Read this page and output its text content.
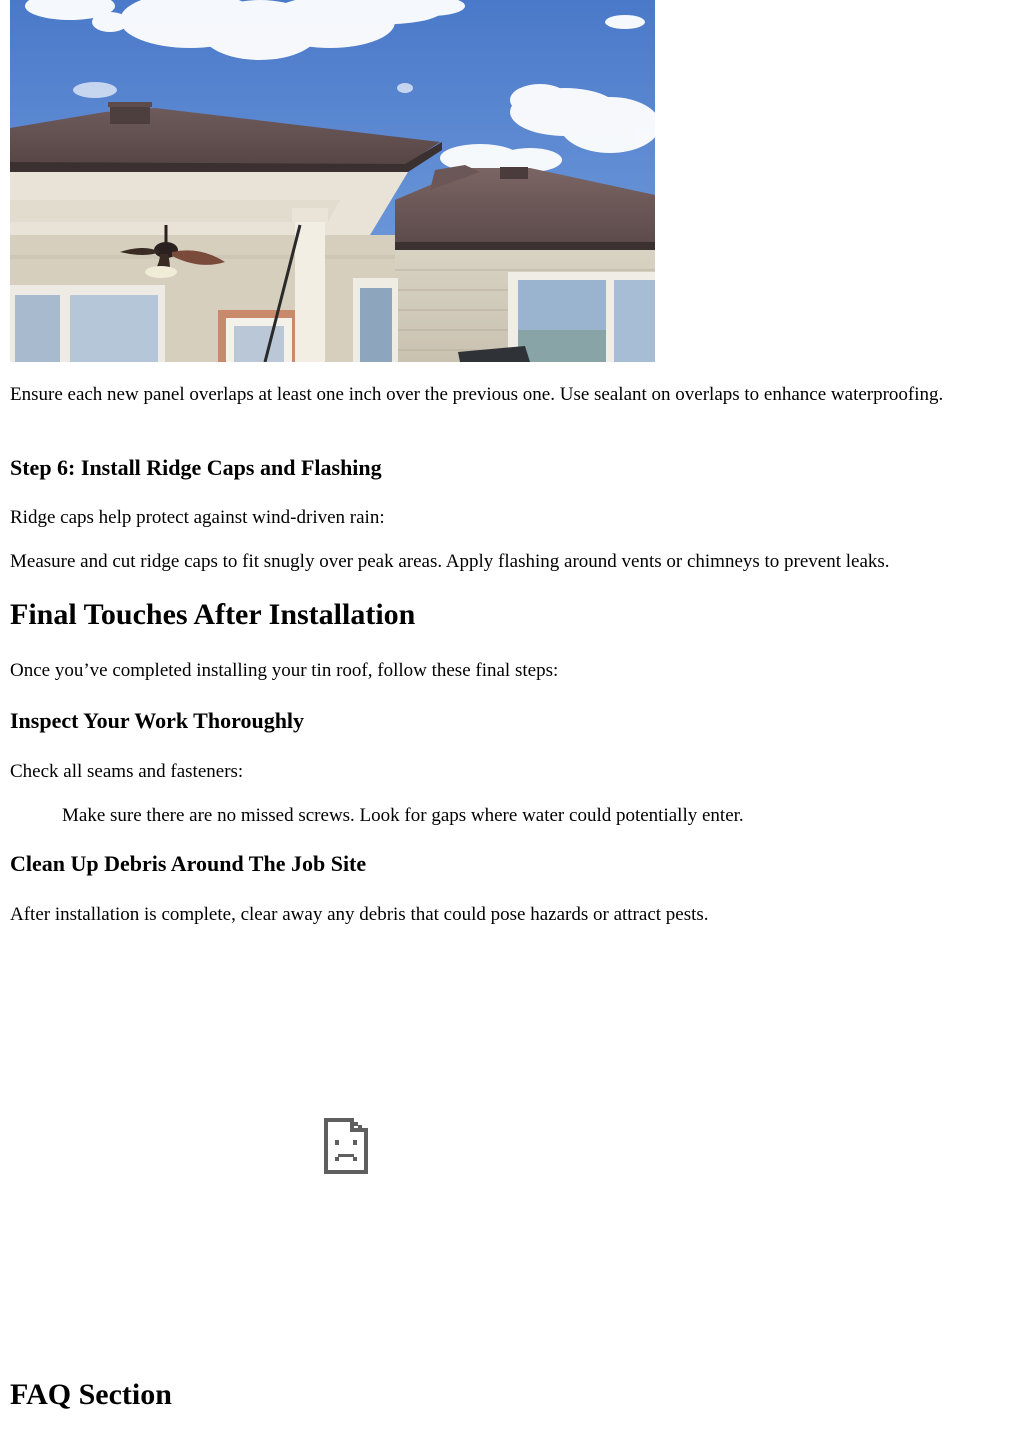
Ensure each new panel overlaps at least one inch over the previous one. Use sealant on overlaps to enhance waterproofing.

Step 6: Install Ridge Caps and Flashing

Ridge caps help protect against wind-driven rain:

Measure and cut ridge caps to fit snugly over peak areas. Apply flashing around vents or chimneys to prevent leaks.

Final Touches After Installation

Once you’ve completed installing your tin roof, follow these final steps:

Inspect Your Work Thoroughly

Check all seams and fasteners:

Make sure there are no missed screws. Look for gaps where water could potentially enter.

Clean Up Debris Around The Job Site

After installation is complete, clear away any debris that could pose hazards or attract pests.

FAQ Section
